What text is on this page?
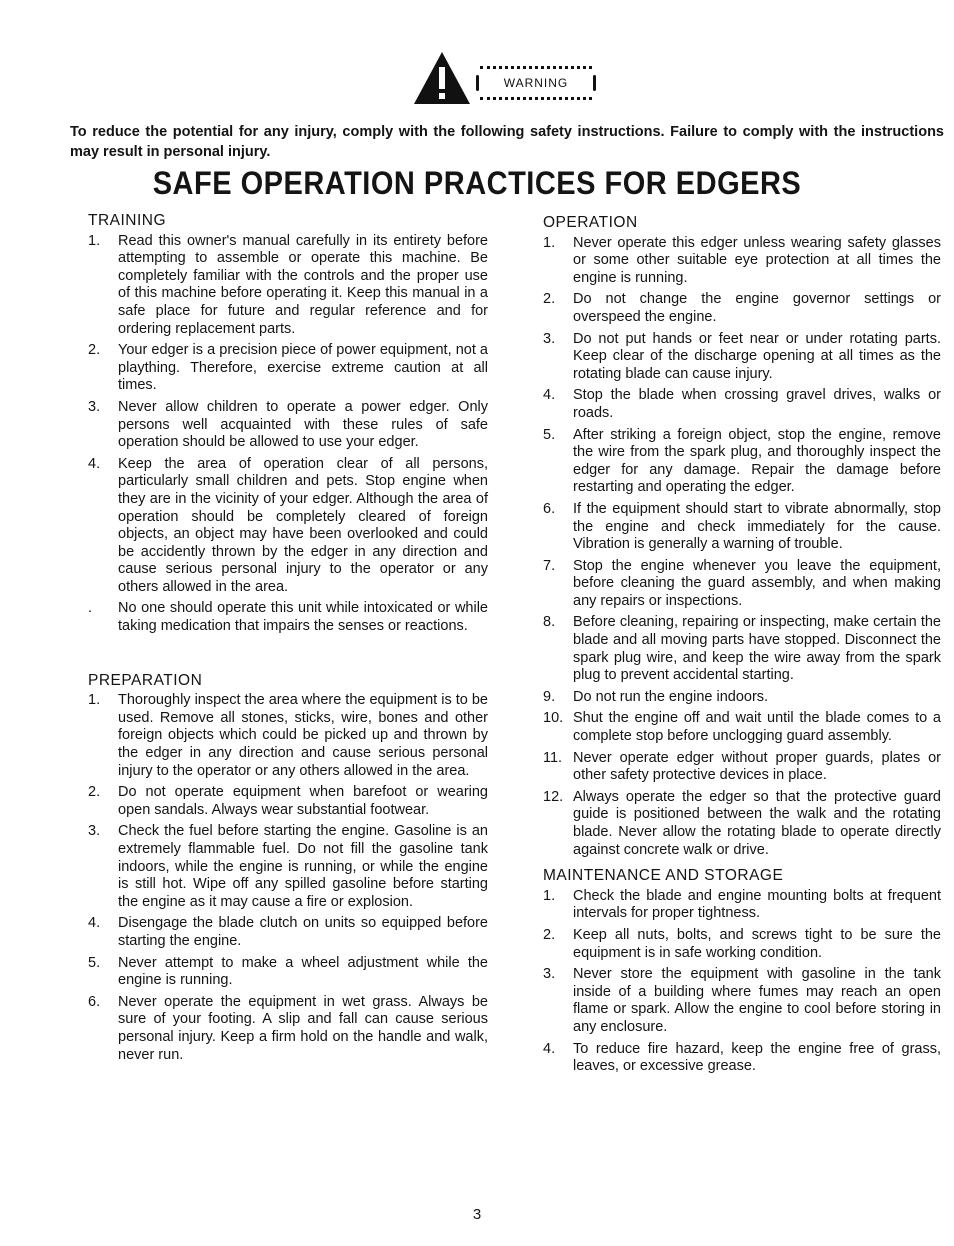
WARNING
To reduce the potential for any injury, comply with the following safety instructions. Failure to comply with the instructions may result in personal injury.
SAFE OPERATION PRACTICES FOR EDGERS
TRAINING
1. Read this owner's manual carefully in its entirety before attempting to assemble or operate this machine. Be completely familiar with the controls and the proper use of this machine before operating it. Keep this manual in a safe place for future and regular reference and for ordering replacement parts.
2. Your edger is a precision piece of power equipment, not a plaything. Therefore, exercise extreme caution at all times.
3. Never allow children to operate a power edger. Only persons well acquainted with these rules of safe operation should be allowed to use your edger.
4. Keep the area of operation clear of all persons, particularly small children and pets. Stop engine when they are in the vicinity of your edger. Although the area of operation should be completely cleared of foreign objects, an object may have been overlooked and could be accidently thrown by the edger in any direction and cause serious personal injury to the operator or any others allowed in the area.
. No one should operate this unit while intoxicated or while taking medication that impairs the senses or reactions.
PREPARATION
1. Thoroughly inspect the area where the equipment is to be used. Remove all stones, sticks, wire, bones and other foreign objects which could be picked up and thrown by the edger in any direction and cause serious personal injury to the operator or any others allowed in the area.
2. Do not operate equipment when barefoot or wearing open sandals. Always wear substantial footwear.
3. Check the fuel before starting the engine. Gasoline is an extremely flammable fuel. Do not fill the gasoline tank indoors, while the engine is running, or while the engine is still hot. Wipe off any spilled gasoline before starting the engine as it may cause a fire or explosion.
4. Disengage the blade clutch on units so equipped before starting the engine.
5. Never attempt to make a wheel adjustment while the engine is running.
6. Never operate the equipment in wet grass. Always be sure of your footing. A slip and fall can cause serious personal injury. Keep a firm hold on the handle and walk, never run.
OPERATION
1. Never operate this edger unless wearing safety glasses or some other suitable eye protection at all times the engine is running.
2. Do not change the engine governor settings or overspeed the engine.
3. Do not put hands or feet near or under rotating parts. Keep clear of the discharge opening at all times as the rotating blade can cause injury.
4. Stop the blade when crossing gravel drives, walks or roads.
5. After striking a foreign object, stop the engine, remove the wire from the spark plug, and thoroughly inspect the edger for any damage. Repair the damage before restarting and operating the edger.
6. If the equipment should start to vibrate abnormally, stop the engine and check immediately for the cause. Vibration is generally a warning of trouble.
7. Stop the engine whenever you leave the equipment, before cleaning the guard assembly, and when making any repairs or inspections.
8. Before cleaning, repairing or inspecting, make certain the blade and all moving parts have stopped. Disconnect the spark plug wire, and keep the wire away from the spark plug to prevent accidental starting.
9. Do not run the engine indoors.
10. Shut the engine off and wait until the blade comes to a complete stop before unclogging guard assembly.
11. Never operate edger without proper guards, plates or other safety protective devices in place.
12. Always operate the edger so that the protective guard guide is positioned between the walk and the rotating blade. Never allow the rotating blade to operate directly against concrete walk or drive.
MAINTENANCE AND STORAGE
1. Check the blade and engine mounting bolts at frequent intervals for proper tightness.
2. Keep all nuts, bolts, and screws tight to be sure the equipment is in safe working condition.
3. Never store the equipment with gasoline in the tank inside of a building where fumes may reach an open flame or spark. Allow the engine to cool before storing in any enclosure.
4. To reduce fire hazard, keep the engine free of grass, leaves, or excessive grease.
3
